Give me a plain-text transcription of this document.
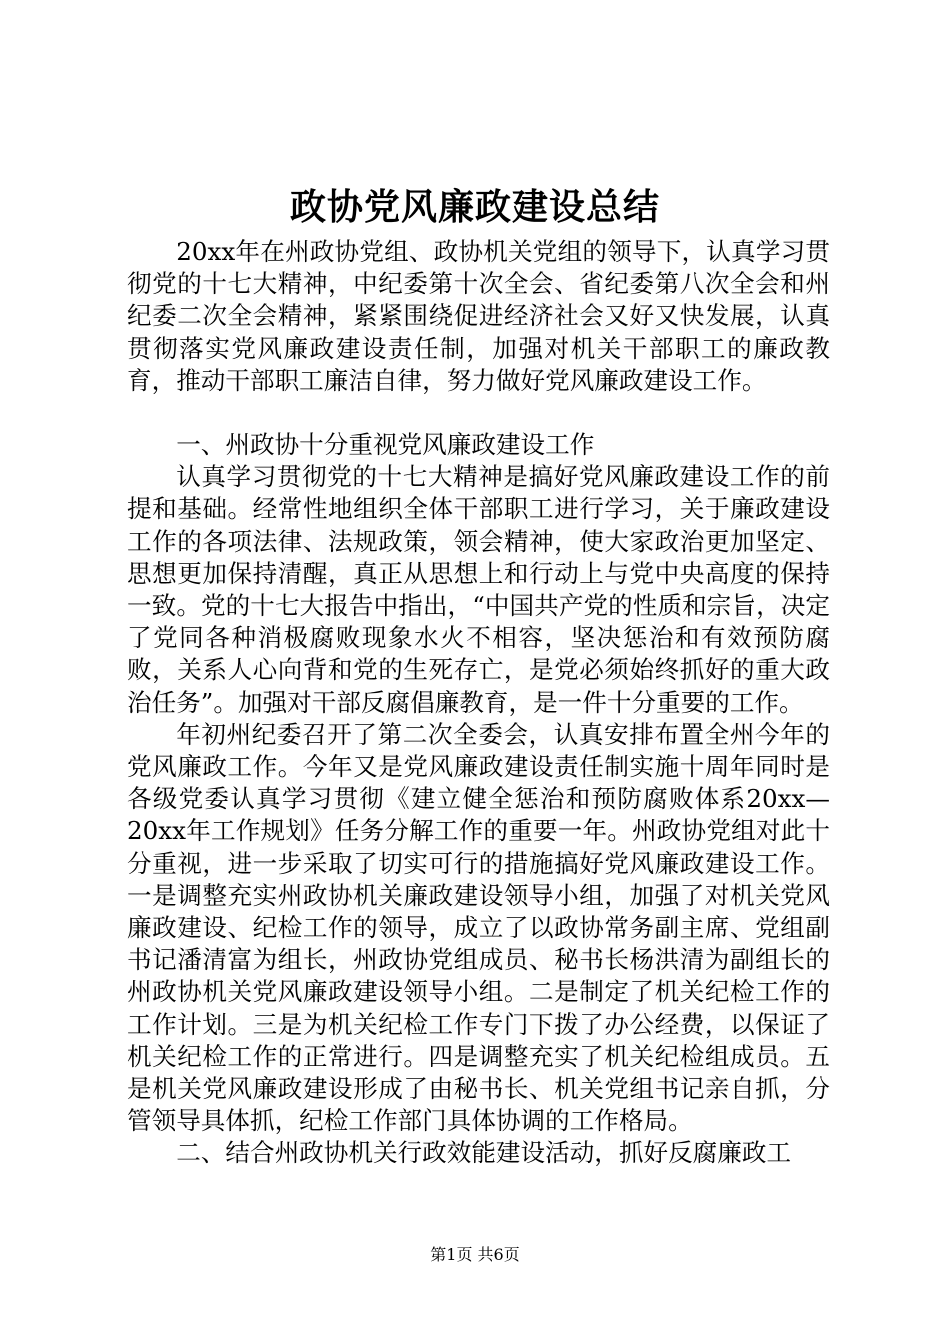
政协党风廉政建设总结

20xx年在州政协党组、政协机关党组的领导下，认真学习贯彻党的十七大精神，中纪委第十次全会、省纪委第八次全会和州纪委二次全会精神，紧紧围绕促进经济社会又好又快发展，认真贯彻落实党风廉政建设责任制，加强对机关干部职工的廉政教育，推动干部职工廉洁自律，努力做好党风廉政建设工作。

一、州政协十分重视党风廉政建设工作

认真学习贯彻党的十七大精神是搞好党风廉政建设工作的前提和基础。经常性地组织全体干部职工进行学习，关于廉政建设工作的各项法律、法规政策，领会精神，使大家政治更加坚定、思想更加保持清醒，真正从思想上和行动上与党中央高度的保持一致。党的十七大报告中指出，“中国共产党的性质和宗旨，决定了党同各种消极腐败现象水火不相容，坚决惩治和有效预防腐败，关系人心向背和党的生死存亡，是党必须始终抓好的重大政治任务”。加强对干部反腐倡廉教育，是一件十分重要的工作。

年初州纪委召开了第二次全委会，认真安排布置全州今年的党风廉政工作。今年又是党风廉政建设责任制实施十周年同时是各级党委认真学习贯彻《建立健全惩治和预防腐败体系20xx—20xx年工作规划》任务分解工作的重要一年。州政协党组对此十分重视，进一步采取了切实可行的措施搞好党风廉政建设工作。一是调整充实州政协机关廉政建设领导小组，加强了对机关党风廉政建设、纪检工作的领导，成立了以政协常务副主席、党组副书记潘清富为组长，州政协党组成员、秘书长杨洪清为副组长的州政协机关党风廉政建设领导小组。二是制定了机关纪检工作的工作计划。三是为机关纪检工作专门下拨了办公经费，以保证了机关纪检工作的正常进行。四是调整充实了机关纪检组成员。五是机关党风廉政建设形成了由秘书长、机关党组书记亲自抓，分管领导具体抓，纪检工作部门具体协调的工作格局。

二、结合州政协机关行政效能建设活动，抓好反腐廉政工

第1页 共6页
